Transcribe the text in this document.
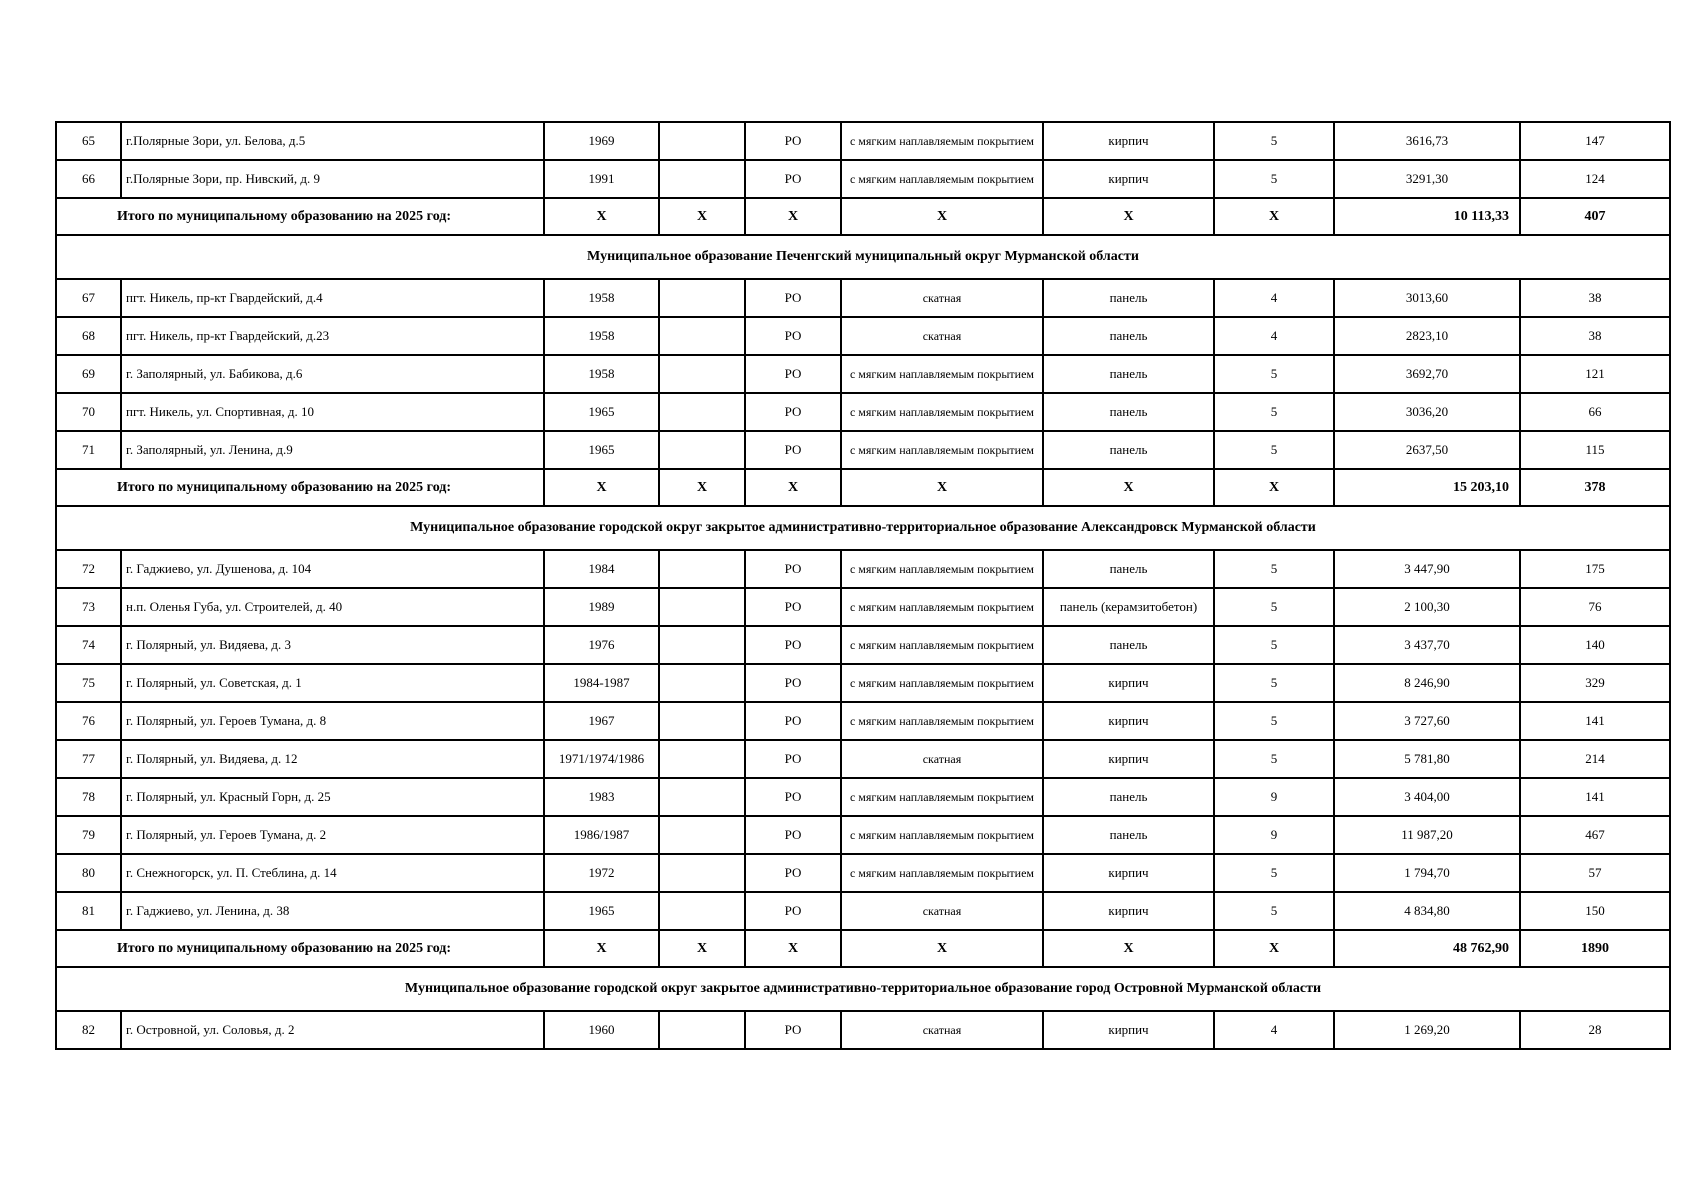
65	г.Полярные Зори, ул. Белова, д.5	1969		РО	с мягким наплавляемым покрытием	кирпич	5	3616,73	147
66	г.Полярные Зори, пр. Нивский, д. 9	1991		РО	с мягким наплавляемым покрытием	кирпич	5	3291,30	124
Итого по муниципальному образованию на 2025 год:		Х	Х	Х	Х	Х	Х	10 113,33	407
Муниципальное образование Печенгский муниципальный округ Мурманской области									
67	пгт. Никель, пр-кт Гвардейский, д.4	1958		РО	скатная	панель	4	3013,60	38
68	пгт. Никель, пр-кт Гвардейский, д.23	1958		РО	скатная	панель	4	2823,10	38
69	г. Заполярный, ул. Бабикова, д.6	1958		РО	с мягким наплавляемым покрытием	панель	5	3692,70	121
70	пгт. Никель, ул. Спортивная, д. 10	1965		РО	с мягким наплавляемым покрытием	панель	5	3036,20	66
71	г. Заполярный, ул. Ленина, д.9	1965		РО	с мягким наплавляемым покрытием	панель	5	2637,50	115
Итого по муниципальному образованию на 2025 год:		Х	Х	Х	Х	Х	Х	15 203,10	378
Муниципальное образование городской округ закрытое административно-территориальное образование Александровск Мурманской области									
72	г. Гаджиево, ул. Душенова, д. 104	1984		РО	с мягким наплавляемым покрытием	панель	5	3 447,90	175
73	н.п. Оленья Губа, ул. Строителей, д. 40	1989		РО	с мягким наплавляемым покрытием	панель (керамзитобетон)	5	2 100,30	76
74	г. Полярный, ул. Видяева, д. 3	1976		РО	с мягким наплавляемым покрытием	панель	5	3 437,70	140
75	г. Полярный, ул. Советская, д. 1	1984-1987		РО	с мягким наплавляемым покрытием	кирпич	5	8 246,90	329
76	г. Полярный, ул. Героев Тумана, д. 8	1967		РО	с мягким наплавляемым покрытием	кирпич	5	3 727,60	141
77	г. Полярный, ул. Видяева, д. 12	1971/1974/1986		РО	скатная	кирпич	5	5 781,80	214
78	г. Полярный, ул. Красный Горн, д. 25	1983		РО	с мягким наплавляемым покрытием	панель	9	3 404,00	141
79	г. Полярный, ул. Героев Тумана, д. 2	1986/1987		РО	с мягким наплавляемым покрытием	панель	9	11 987,20	467
80	г. Снежногорск, ул. П. Стеблина, д. 14	1972		РО	с мягким наплавляемым покрытием	кирпич	5	1 794,70	57
81	г. Гаджиево, ул. Ленина, д. 38	1965		РО	скатная	кирпич	5	4 834,80	150
Итого по муниципальному образованию на 2025 год:		Х	Х	Х	Х	Х	Х	48 762,90	1890
Муниципальное образование городской округ закрытое административно-территориальное образование город Островной Мурманской области									
82	г. Островной, ул. Соловья, д. 2	1960		РО	скатная	кирпич	4	1 269,20	28
